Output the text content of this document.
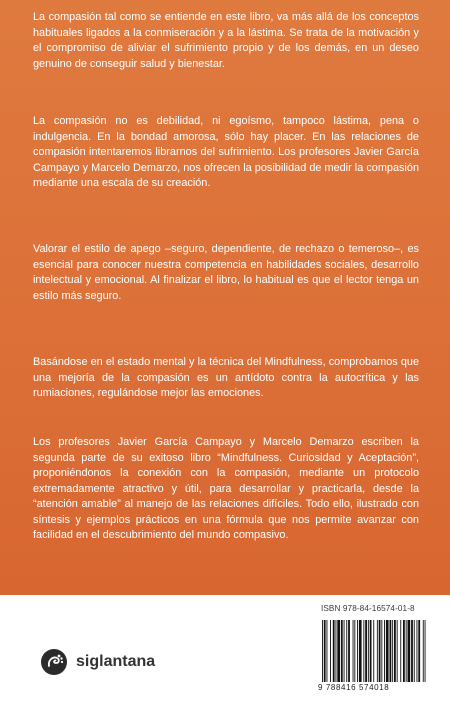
La compasión tal como se entiende en este libro, va más allá de los conceptos habituales ligados a la conmiseración y a la lástima. Se trata de la motivación y el compromiso de aliviar el sufrimiento propio y de los demás, en un deseo genuino de conseguir salud y bienestar.

La compasión no es debilidad, ni egoísmo, tampoco lástima, pena o indulgencia. En la bondad amorosa, sólo hay placer. En las relaciones de compasión intentaremos librarnos del sufrimiento. Los profesores Javier García Campayo y Marcelo Demarzo, nos ofrecen la posibilidad de medir la compasión mediante una escala de su creación.

Valorar el estilo de apego –seguro, dependiente, de rechazo o temeroso–, es esencial para conocer nuestra competencia en habilidades sociales, desarrollo intelectual y emocional. Al finalizar el libro, lo habitual es que el lector tenga un estilo más seguro.

Basándose en el estado mental y la técnica del Mindfulness, comprobamos que una mejoría de la compasión es un antídoto contra la autocrítica y las rumiaciones, regulándose mejor las emociones.

Los profesores Javier García Campayo y Marcelo Demarzo escriben la segunda parte de su exitoso libro “Mindfulness. Curiosidad y Aceptación”, proponiéndonos la conexión con la compasión, mediante un protocolo extremadamente atractivo y útil, para desarrollar y practicarla, desde la “atención amable” al manejo de las relaciones difíciles. Todo ello, ilustrado con síntesis y ejemplos prácticos en una fórmula que nos permite avanzar con facilidad en el descubrimiento del mundo compasivo.

siglantana
ISBN 978-84-16574-01-8
9 788416 574018
